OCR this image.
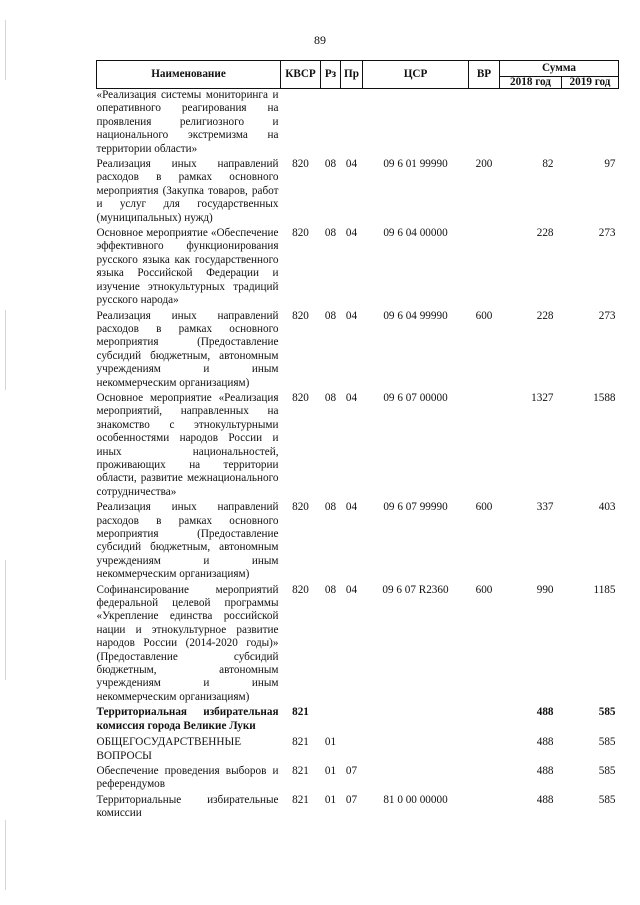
89
Наименование	КВСР	Рз	Пр	ЦСР	ВР	Сумма	
						2018 год	2019 год
«Реализация системы мониторинга и оперативного реагирования на проявления религиозного и национального экстремизма на территории области»							
Реализация иных направлений расходов в рамках основного мероприятия (Закупка товаров, работ и услуг для государственных (муниципальных) нужд)	820	08	04	09 6 01 99990	200	82	97
Основное мероприятие «Обеспечение эффективного функционирования русского языка как государственного языка Российской Федерации и изучение этнокультурных традиций русского народа»	820	08	04	09 6 04 00000		228	273
Реализация иных направлений расходов в рамках основного мероприятия (Предоставление субсидий бюджетным, автономным учреждениям и иным некоммерческим организациям)	820	08	04	09 6 04 99990	600	228	273
Основное мероприятие «Реализация мероприятий, направленных на знакомство с этнокультурными особенностями народов России и иных национальностей, проживающих на территории области, развитие межнационального сотрудничества»	820	08	04	09 6 07 00000		1327	1588
Реализация иных направлений расходов в рамках основного мероприятия (Предоставление субсидий бюджетным, автономным учреждениям и иным некоммерческим организациям)	820	08	04	09 6 07 99990	600	337	403
Софинансирование мероприятий федеральной целевой программы «Укрепление единства российской нации и этнокультурное развитие народов России (2014-2020 годы)» (Предоставление субсидий бюджетным, автономным учреждениям и иным некоммерческим организациям)	820	08	04	09 6 07 R2360	600	990	1185
Территориальная избирательная комиссия города Великие Луки	821					488	585
ОБЩЕГОСУДАРСТВЕННЫЕ ВОПРОСЫ	821	01				488	585
Обеспечение проведения выборов и референдумов	821	01	07			488	585
Территориальные избирательные комиссии	821	01	07	81 0 00 00000		488	585
